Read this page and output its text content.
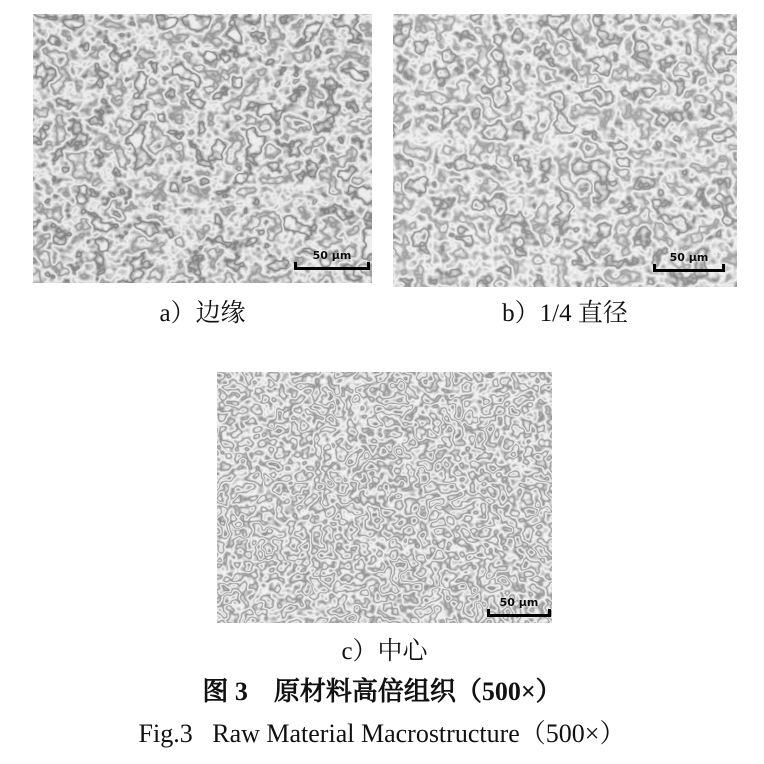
50 µm	50 µm
50 µm
a）边缘	b）1/4 直径
c）中心
图 3　原材料高倍组织（500×）
Fig.3   Raw Material Macrostructure（500×）
